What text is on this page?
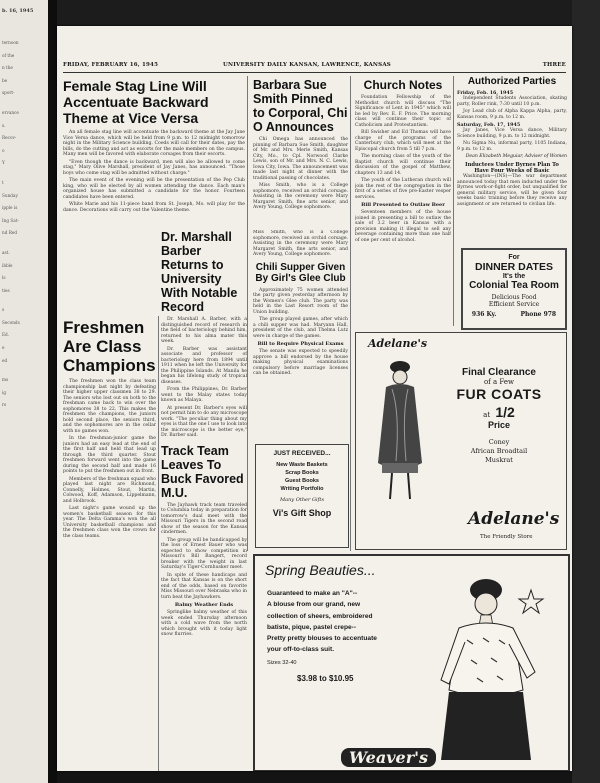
b. 16, 1945
ternoon
of the
n the
be
sport-
ervance
s.
Recov-
o
Y
t
Sunday
ipple is
Ing Sat-
nd Red
ast.
ibble
ls
ties
s
Seconds
Ed.
e
ed
ms
ig
rs
FRIDAY, FEBRUARY 16, 1945	UNIVERSITY DAILY KANSAN, LAWRENCE, KANSAS	THREE
Female Stag Line Will Accentuate Backward Theme at Vice Versa

An all female stag line will accentuate the backward theme at the Jay Jane Vice Versa dance, which will be held from 9 p.m. to 12 midnight tomorrow night in the Military Science building. Coeds will call for their dates, pay the bills, do the cutting and act as escorts for the male members on the campus. Many men will be favored with elaborate corsages from their escorts.

"Even though the dance is backward, men will also be allowed to come stag," Mary Olive Marshall, president of Jay Janes, has announced. "Those boys who come stag will be admitted without charge."

The main event of the evening will be the presentation of the Pep Club king, who will be elected by all women attending the dance. Each man's organized house has submitted a candidate for the honor. Fourteen candidates have been entered.

White Marie and his 11-piece band from St. Joseph, Mo. will play for the dance. Decorations will carry out the Valentine theme.

Freshmen Are Class Champions

The freshmen won the class team championship last night by defeating their higher upper classmen 38 to 29. The seniors who lost out on both to the freshman came back to win over the sophomores 38 to 22. This makes the freshmen the champions, the juniors hold second place, the seniors third, and the sophomores are in the cellar with no games won.

In the freshman-junior game the juniors had an easy lead at the end of the first half and held that lead up through the third quarter. Stout freshmen forward went into the game during the second half and made 16 points to put the freshmen out in front.

Members of the freshman squad who played last night are Richmond, Connelly, Holmes, Stout, Martin, Colwood, Koff, Adamson, Lippelmann, and Holbrook.

Last night's game wound up the women's basketball season for this year. The Delta Gamma's won the all University basketball champions and the freshmen class won the crown for the class teams.

Dr. Marshall Barber Returns to University With Notable Record

Dr. Marshall A. Barber, with a distinguished record of research in the field of bacteriology behind him, returned to his alma mater this week.

Dr. Barber was assistant associate and professor of bacteriology here from 1894 until 1911 when he left the University for the Philippine Islands. At Manila he began his lifelong study of tropical diseases.

From the Philippines, Dr. Barber went to the Malay states today known as Malaya.

At present Dr. Barber's eyes will not permit him to do any microscope work. "The peculiar thing about my eyes is that the one I use to look into the microscope is the better eye," Dr. Barber said.

Track Team Leaves To Buck Favored M.U.

The Jayhawk track team traveled to Columbia today in preparation for tomorrow's dual meet with the Missouri Tigers in the second road show of the season for the Kansas cindermen.

The group will be handicapped by the loss of Ernest Bauer who was expected to show competition in Missouri's Bill Bangert, record breaker with the weight in last Saturday's Tiger-Cornhusker meet.

In spite of these handicaps and the fact that Kansas is on the short end of the odds, based on favorite Miss Missouri over Nebraska who in turn beat the Jayhawkers.

Balmy Weather Ends

Springlike balmy weather of this week ended Thursday afternoon with a cold wave from the north which brought with it today light snow flurries.

Barbara Sue Smith Pinned to Corporal, Chi O Announces

Chi Omega has announced the pinning of Barbara Sue Smith, daughter of Mr. and Mrs. Merle Smith, Kansas City, Mo., to Cpl. Norwood Clarke Lewis, son of Mr. and Mrs. N. C. Lewis, Iowa City, Iowa. The announcement was made last night at dinner with the traditional passing of chocolates.

Miss Smith, who is a College sophomore, received an orchid corsage. Assisting in the ceremony were Mary Margaret Smith, fine arts senior, and Avery Young, College sophomore.

Miss Smith, who is a College sophomore, received an orchid corsage. Assisting in the ceremony were Mary Margaret Smith, fine arts senior, and Avery Young, College sophomore.
Chili Supper Given By Girl's Glee Club

Approximately 75 women attended the party given yesterday afternoon by the Women's Glee club. The party was held in the Last Resort room of the Union building.

The group played games, after which a chili supper was had. Maryann Hall, president of the club, and Thelma Lutz were in charge of the games.

Bill to Require Physical Exams

The senate was expected to speedily approve a bill endorsed by the house making physical examinations compulsory before marriage licenses can be obtained.

JUST RECEIVED...
New Waste Baskets
Scrap Books
Guest Books
Writing Portfolio
Many Other Gifts
Vi's Gift Shop
Church Notes

Foundation Fellowship of the Methodist church will discuss "The Significance of Lent in 1945" which will be led by Rev. E. F. Price. The morning class will continue their topic of Catholicism and Protestantism.

Bill Swisher and Ed Thomas will have charge of the programs of the Canterbury club, which will meet at the Episcopal church from 5 till 7 p.m.

The morning class of the youth of the Baptist church will continue their discussion of the gospel of Matthew, chapters 13 and 14.

The youth of the Lutheran church will join the rest of the congregation in the first of a series of five pre-Easter vesper services.

Bill Presented to Outlaw Beer

Seventeen members of the house joined in presenting a bill to outlaw the sale of 3.2 beer in Kansas with a provision making it illegal to sell any beverage containing more than one half of one per cent of alcohol.

Authorized Parties
Friday, Feb. 16, 1945

Independent Students Association, skating party, Roller rink, 7:30 until 10 p.m.

Joy Lead club of Alpha Kappa Alpha, party, Kansas room, 9 p.m. to 12 m.

Saturday, Feb. 17, 1945

Jay Janes, Vice Versa dance, Military Science building, 9 p.m. to 12 midnight.

Nu Sigma Nu, informal party, 1105 Indiana, 9 p.m. to 12 m.

Dean Elizabeth Meguiar, Adviser of Women
Inductees Under Byrnes Plan To Have Four Weeks of Basic

Washington—(INS)—The war department announced today that men inducted under the Byrnes work-or-fight order, but unqualified for general military service, will be given four weeks basic training before they receive any assignment or are returned to civilian life.

For
DINNER DATES
It's the
Colonial Tea Room
Delicious Food
Efficient Service
936 Ky.	Phone 978
Adelane's
Final Clearance
of a Few
FUR COATS
at 1/2
Price
Coney
African Broadtail
Muskrat
Adelane's
The Friendly Store
Spring Beauties...
Guaranteed to make an "A"--
A blouse from our grand, new
collection of sheers, embroidered
batiste, pique, pastel crepe--
Pretty pretty blouses to accentuate
your off-to-class suit.
Sizes 32-40
$3.98 to $10.95
Weaver's
